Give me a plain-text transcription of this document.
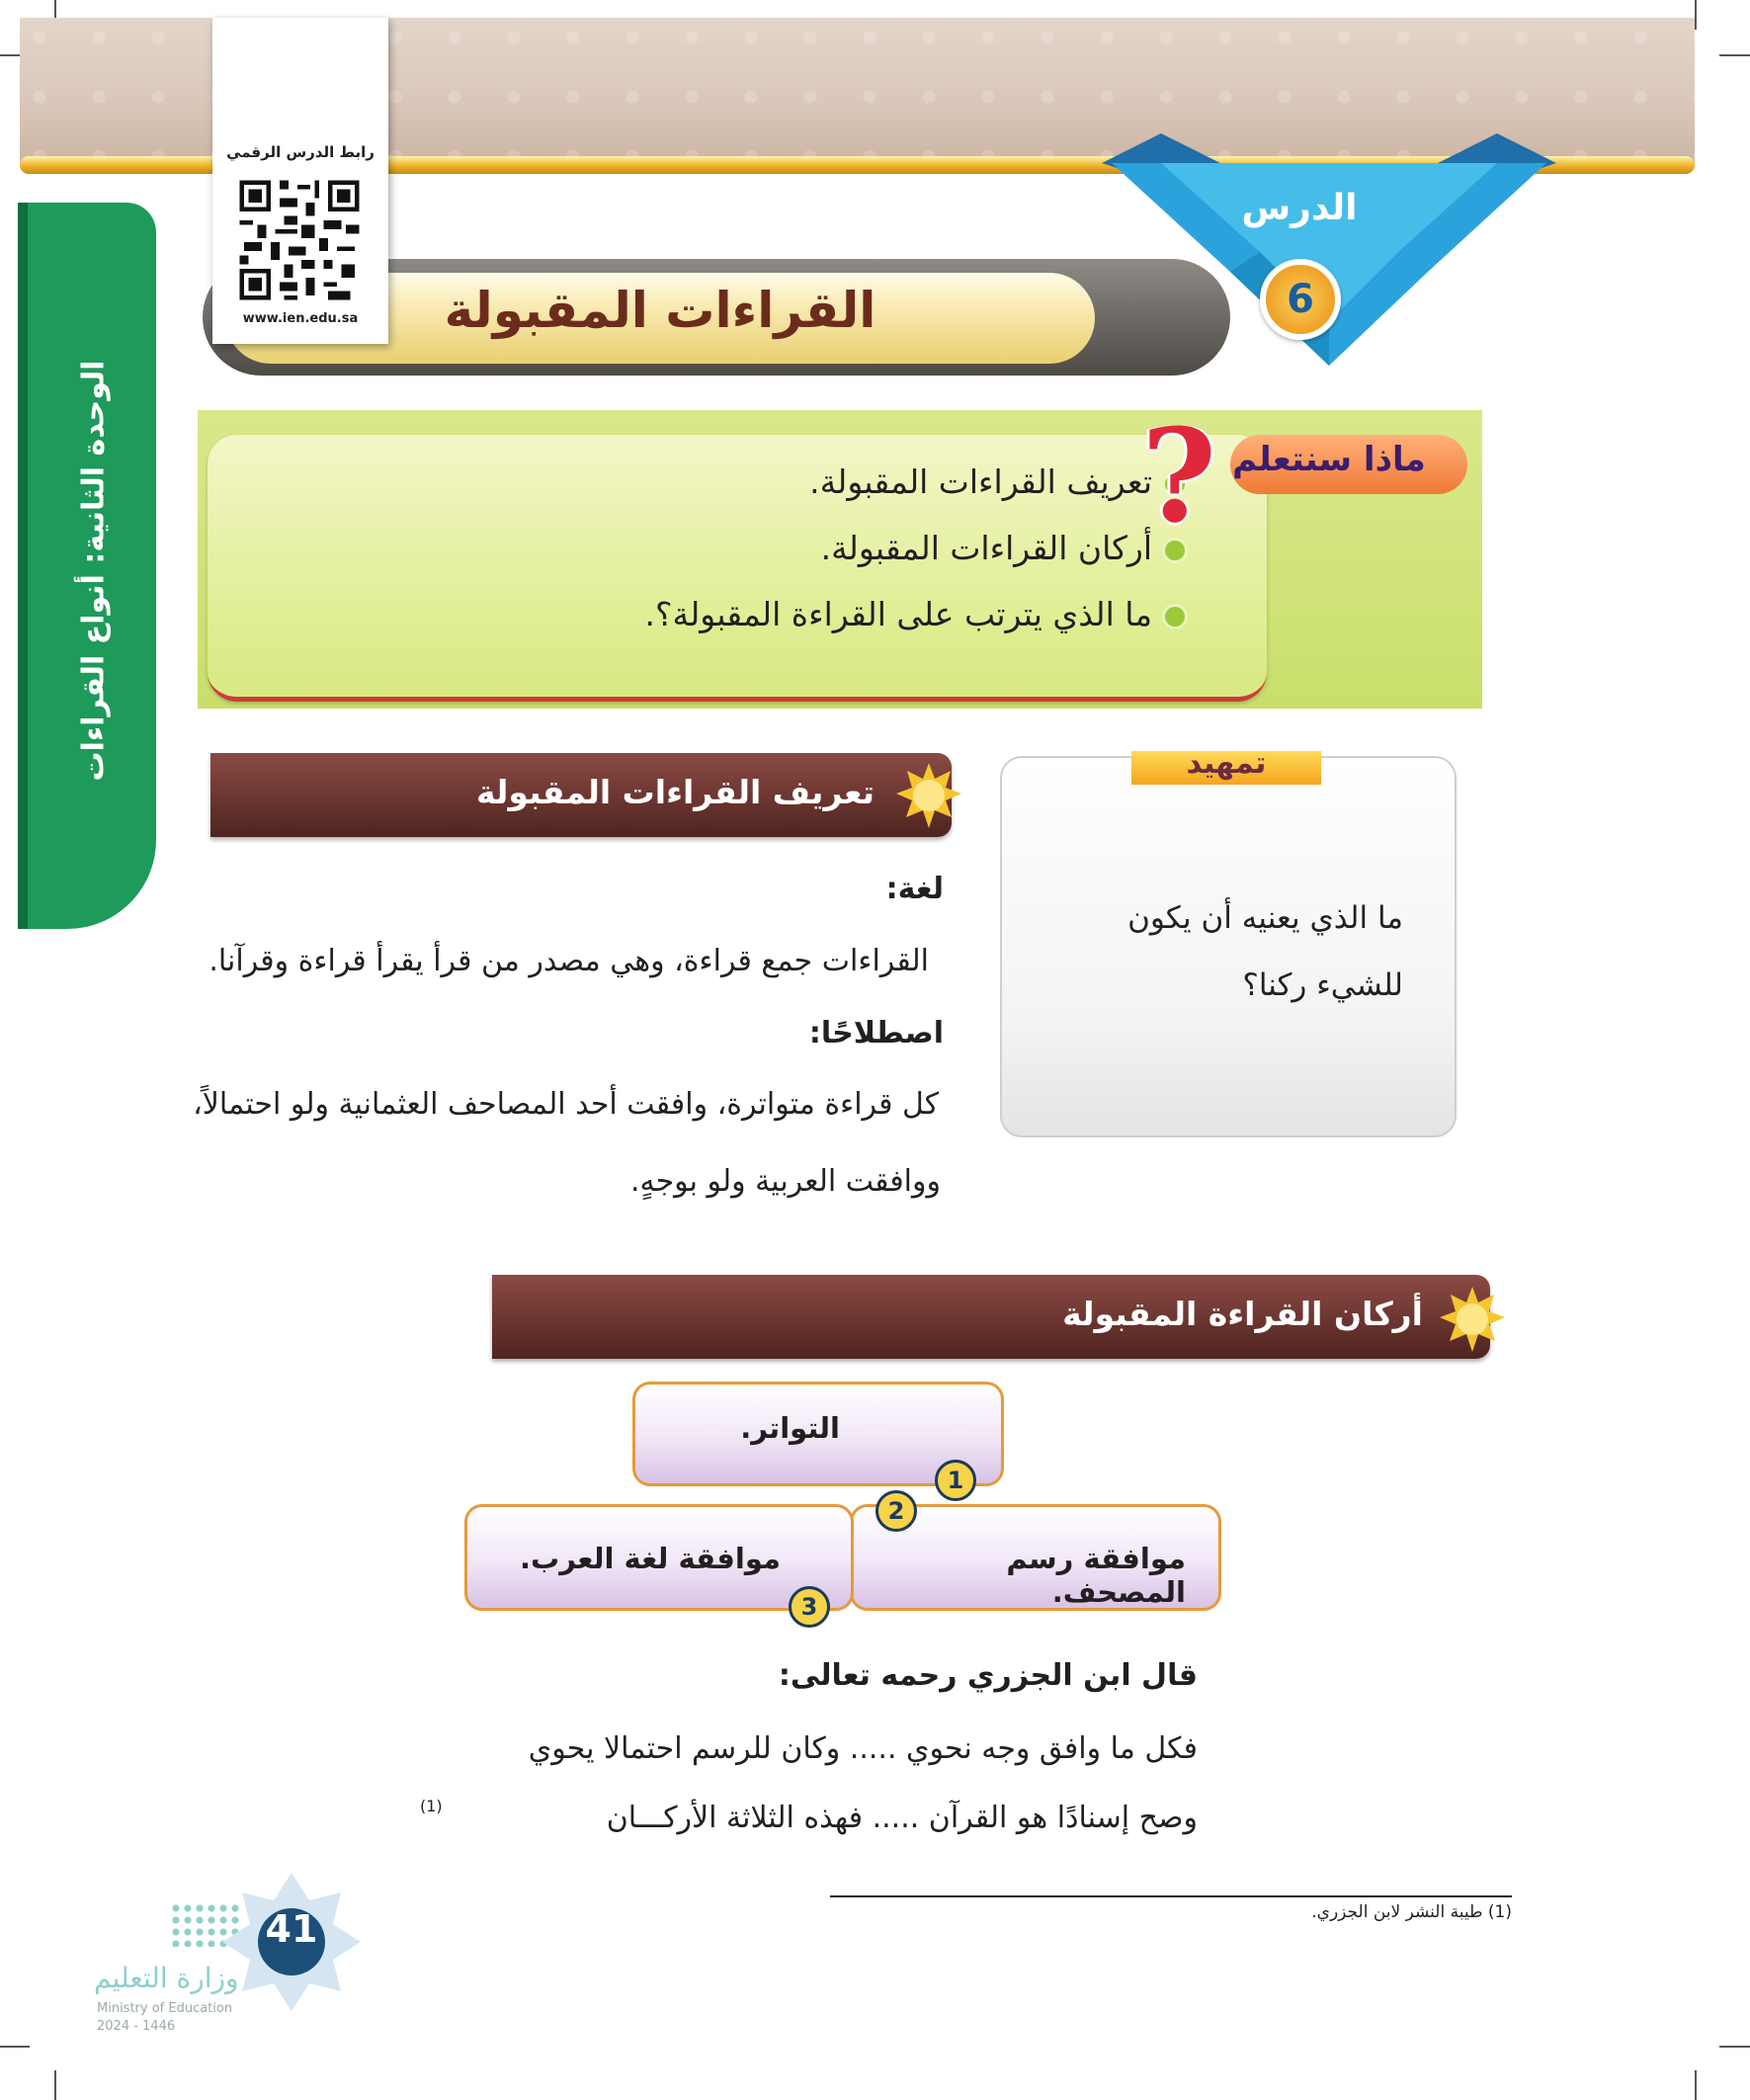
الدرس
6
القراءات المقبولة
رابط الدرس الرقمي
www.ien.edu.sa
الوحدة الثانية: أنواع القراءات	تعريف القراءات المقبولة.
أركان القراءات المقبولة.
ما الذي يترتب على القراءة المقبولة؟.
ماذا سنتعلم
?
تمهيد
ما الذي يعنيه أن يكون
للشيء ركنا؟
تعريف القراءات المقبولة
لغة:
القراءات جمع قراءة، وهي مصدر من قرأ يقرأ قراءة وقرآنا.
اصطلاحًا:
كل قراءة متواترة، وافقت أحد المصاحف العثمانية ولو احتمالاً،
ووافقت العربية ولو بوجهٍ.
أركان القراءة المقبولة
التواتر.
1
موافقة رسم المصحف.
2
موافقة لغة العرب.
3
قال ابن الجزري رحمه تعالى:
فكل ما وافق وجه نحوي ..... وكان للرسم احتمالا يحوي
وصح إسنادًا هو القرآن ..... فهذه الثلاثة الأركـــان
(1)
(1) طيبة النشر لابن الجزري.
41
وزارة التعليم
Ministry of Education
2024 - 1446
